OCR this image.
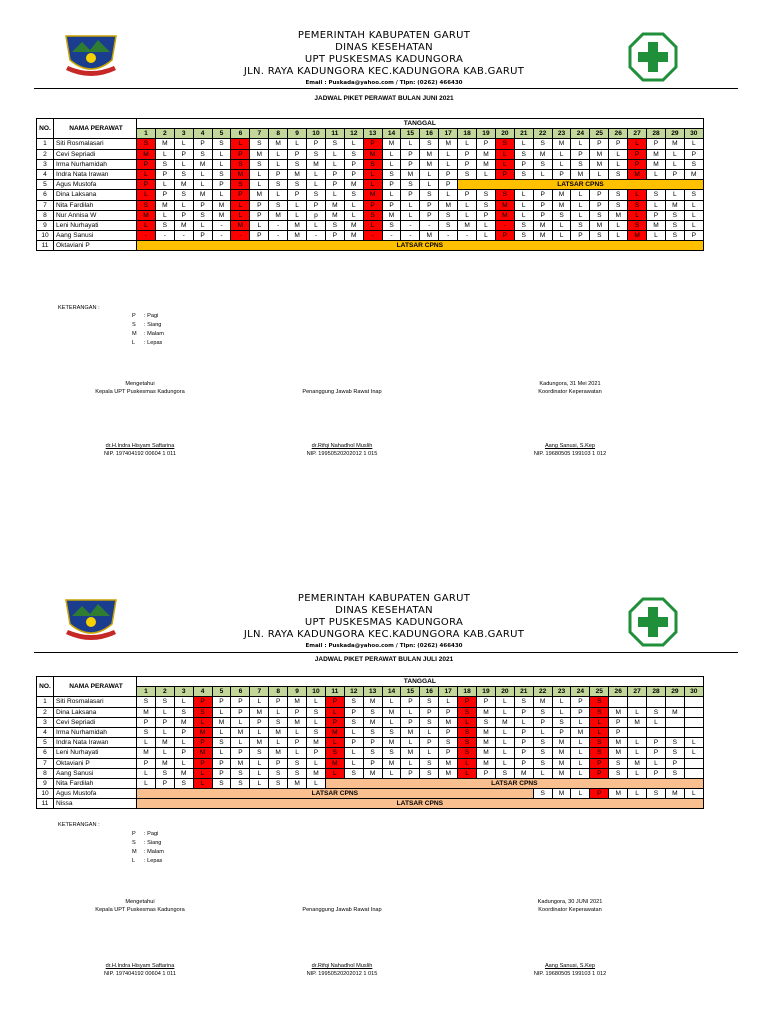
PEMERINTAH KABUPATEN GARUT
DINAS KESEHATAN
UPT PUSKESMAS KADUNGORA
JLN. RAYA KADUNGORA KEC.KADUNGORA KAB.GARUT
Email : Puskada@yahoo.com / Tlpn: (0262) 466430
JADWAL PIKET PERAWAT BULAN JUNI 2021
NO.	NAMA PERAWAT	TANGGAL																													
		1	2	3	4	5	6	7	8	9	10	11	12	13	14	15	16	17	18	19	20	21	22	23	24	25	26	27	28	29	30
1	Siti Rosmalasari	S	M	L	P	S	L	S	M	L	P	S	L	P	M	L	S	M	L	P	S	L	S	M	L	P	P	L	P	M	L
2	Cevi Sepriadi	M	L	P	S	L	P	M	L	P	S	L	S	M	L	P	M	L	P	M	L	S	M	L	P	M	L	P	M	L	P
3	Irma Nurhamidah	P	S	L	M	L	S	S	L	S	M	L	P	S	L	P	M	L	P	M	L	P	S	L	S	M	L	P	M	L	S
4	Indra Nata Irawan	L	P	S	L	S	M	L	P	M	L	P	P	L	S	M	L	P	S	L	P	S	L	P	M	L	S	M	L	P	M
5	Agus Mustofa	P	L	M	L	P	S	L	S	S	L	P	M	L	P	S	L	P	LATSAR CPNS												
6	Dina Laksana	L	P	S	M	L	P	M	L	P	S	L	S	M	L	P	S	L	P	S	S	L	P	M	L	P	S	L	S	L	S
7	Nita Fardilah	S	M	L	P	M	L	P	S	L	P	M	L	P	P	L	P	M	L	S	M	L	P	M	L	P	S	S	L	M	L
8	Nur Annisa W	M	L	P	S	M	L	P	M	L	p	M	L	S	M	L	P	S	L	P	M	L	P	S	L	S	M	L	P	S	L
9	Leni Nurhayati	L	S	M	L	-	M	L	-	M	L	S	M	L	S	-	-	S	M	L	-	S	M	L	S	M	L	S	M	S	L
10	Aang Sanusi	-	-	-	P	-	-	P	-	M	-	P	M	-	-	-	M	-	-	L	P	S	M	L	P	S	L	M	L	S	P
11	Oktaviani P	LATSAR CPNS																													
KETERANGAN :
P : Pagi
S : Siang
M : Malam
L : Lepas
Mengetahui
Kepala UPT Puskesmas Kadungora
dr.H.Indra Hisyam Saftarina
NIP. 197404192 00604 1 011
Penanggung Jawab Rawat Inap
dr.Rifqi Nahadhol Muslih
NIP. 19950520202012 1 015
Kadungora, 31 Mei 2021
Koordinator Keperawatan
Aang Sanusi, S.Kep
NIP. 19680505 199103 1 012
PEMERINTAH KABUPATEN GARUT
DINAS KESEHATAN
UPT PUSKESMAS KADUNGORA
JLN. RAYA KADUNGORA KEC.KADUNGORA KAB.GARUT
Email : Puskada@yahoo.com / Tlpn: (0262) 466430
JADWAL PIKET PERAWAT BULAN JULI 2021
NO.	NAMA PERAWAT	TANGGAL																													
		1	2	3	4	5	6	7	8	9	10	11	12	13	14	15	16	17	18	19	20	21	22	23	24	25	26	27	28	29	30
1	Siti Rosmalasari	S	S	L	P	P	P	L	P	M	L	P	S	M	L	P	S	L	P	P	L	S	M	L	P	S					
2	Dina Laksana	M	L	S	S	L	P	M	L	P	S	L	P	S	M	L	P	P	S	M	L	P	S	L	P	S	M	L	S	M	
3	Cevi Sepriadi	P	P	M	L	M	L	P	S	M	L	P	S	M	L	P	S	M	L	S	M	L	P	S	L	L	P	M	L		
4	Irma Nurhamidah	S	L	P	M	L	M	L	M	L	S	M	L	S	S	M	L	P	S	M	L	P	L	P	M	L	P				
5	Indra Nata Irawan	L	M	L	P	S	L	M	L	P	M	L	P	P	M	L	P	S	S	M	L	P	S	M	L	S	M	L	P	S	L
6	Leni Nurhayati	M	L	P	M	L	P	S	M	L	P	S	L	S	S	M	L	P	S	M	L	P	S	M	L	S	M	L	P	S	L
7	Oktaviani P	P	M	L	P	P	M	L	P	S	L	M	L	P	M	L	S	M	L	M	L	P	S	M	L	P	S	M	L	P	
8	Aang Sanusi	L	S	M	L	P	S	L	S	S	M	L	S	M	L	P	S	M	L	P	S	M	L	M	L	P	S	L	P	S	
9	Nita Fardilah	L	P	S	L	S	S	L	S	M	L	LATSAR CPNS																			
10	Agus Mustofa	LATSAR CPNS																					S	M	L	P	M	L	S	M	L
11	Nissa	LATSAR CPNS																													
KETERANGAN :
P : Pagi
S : Siang
M : Malam
L : Lepas
Mengetahui
Kepala UPT Puskesmas Kadungora
dr.H.Indra Hisyam Saftarina
NIP. 197404192 00604 1 011
Penanggung Jawab Rawat Inap
dr.Rifqi Nahadhol Muslih
NIP. 19950520202012 1 015
Kadungora, 30 JUNI 2021
Koordinator Keperawatan
Aang Sanusi, S.Kep
NIP. 19680505 199103 1 012
